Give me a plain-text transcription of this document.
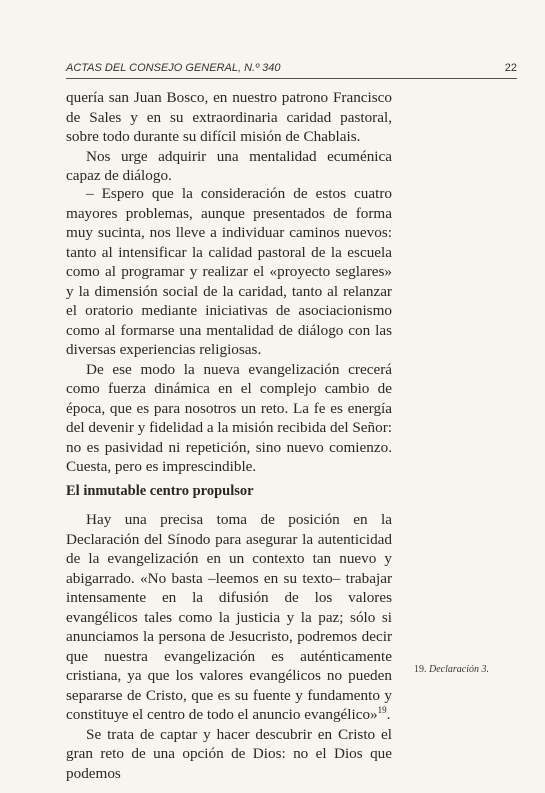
ACTAS DEL CONSEJO GENERAL, N.º 340	22

quería san Juan Bosco, en nuestro patrono Francisco de Sales y en su extraordinaria caridad pastoral, sobre todo durante su difícil misión de Chablais.

Nos urge adquirir una mentalidad ecuménica capaz de diálogo.

– Espero que la consideración de estos cuatro mayores problemas, aunque presentados de forma muy sucinta, nos lleve a individuar caminos nuevos: tanto al intensificar la calidad pastoral de la escuela como al programar y realizar el «proyecto seglares» y la dimensión social de la caridad, tanto al relanzar el oratorio mediante iniciativas de asociacionismo como al formarse una mentalidad de diálogo con las diversas experiencias religiosas.

De ese modo la nueva evangelización crecerá como fuerza dinámica en el complejo cambio de época, que es para nosotros un reto. La fe es energía del devenir y fidelidad a la misión recibida del Señor: no es pasividad ni repetición, sino nuevo comienzo. Cuesta, pero es imprescindible.

El inmutable centro propulsor

Hay una precisa toma de posición en la Declaración del Sínodo para asegurar la autenticidad de la evangelización en un contexto tan nuevo y abigarrado. «No basta –leemos en su texto– trabajar intensamente en la difusión de los valores evangélicos tales como la justicia y la paz; sólo si anunciamos la persona de Jesucristo, podremos decir que nuestra evangelización es auténticamente cristiana, ya que los valores evangélicos no pueden separarse de Cristo, que es su fuente y fundamento y constituye el centro de todo el anuncio evangélico»$^{19}$.

Se trata de captar y hacer descubrir en Cristo el gran reto de una opción de Dios: no el Dios que podemos

19. Declaración 3.
